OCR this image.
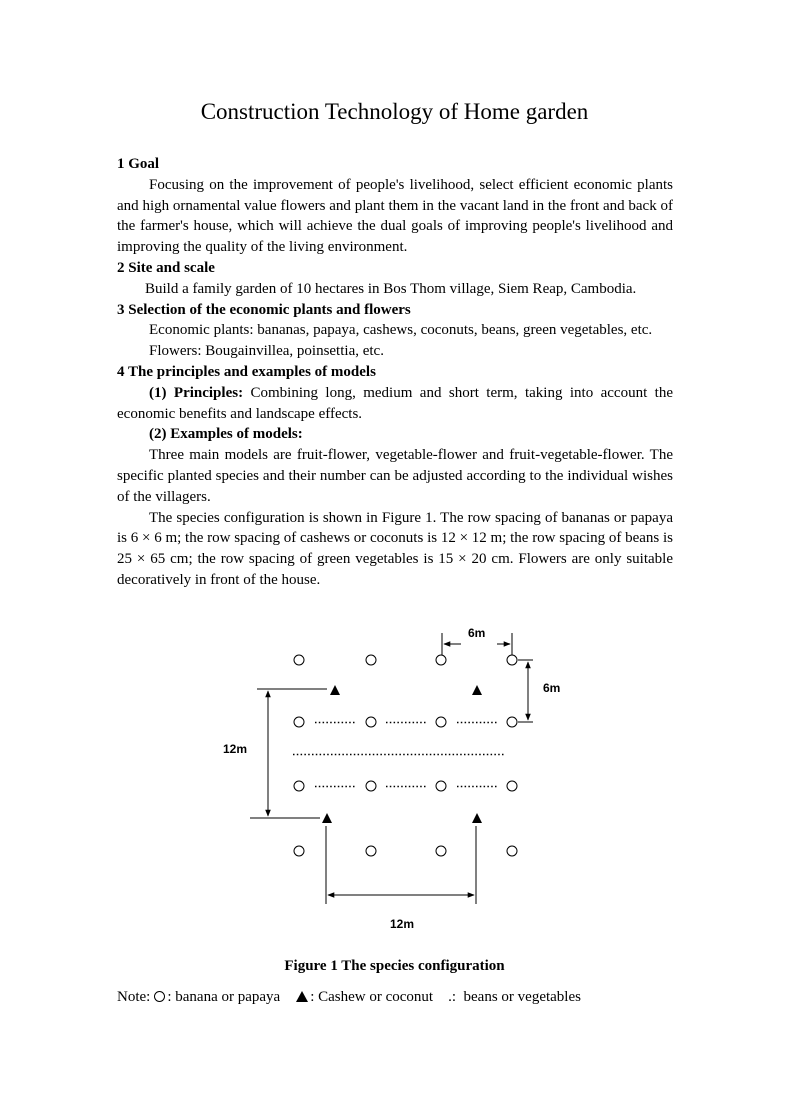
Construction Technology of Home garden
1 Goal

Focusing on the improvement of people's livelihood, select efficient economic plants and high ornamental value flowers and plant them in the vacant land in the front and back of the farmer's house, which will achieve the dual goals of improving people's livelihood and improving the quality of the living environment.

2 Site and scale

Build a family garden of 10 hectares in Bos Thom village, Siem Reap, Cambodia.

3 Selection of the economic plants and flowers

Economic plants: bananas, papaya, cashews, coconuts, beans, green vegetables, etc.

Flowers: Bougainvillea, poinsettia, etc.

4 The principles and examples of models

(1) Principles: Combining long, medium and short term, taking into account the economic benefits and landscape effects.

(2) Examples of models:

Three main models are fruit-flower, vegetable-flower and fruit-vegetable-flower. The specific planted species and their number can be adjusted according to the individual wishes of the villagers.

The species configuration is shown in Figure 1. The row spacing of bananas or papaya is 6 × 6 m; the row spacing of cashews or coconuts is 12 × 12 m; the row spacing of beans is 25 × 65 cm; the row spacing of green vegetables is 15 × 20 cm. Flowers are only suitable decoratively in front of the house.

6m
6m
12m
12m
Figure 1 The species configuration
Note: : banana or papaya : Cashew or coconut .: beans or vegetables
